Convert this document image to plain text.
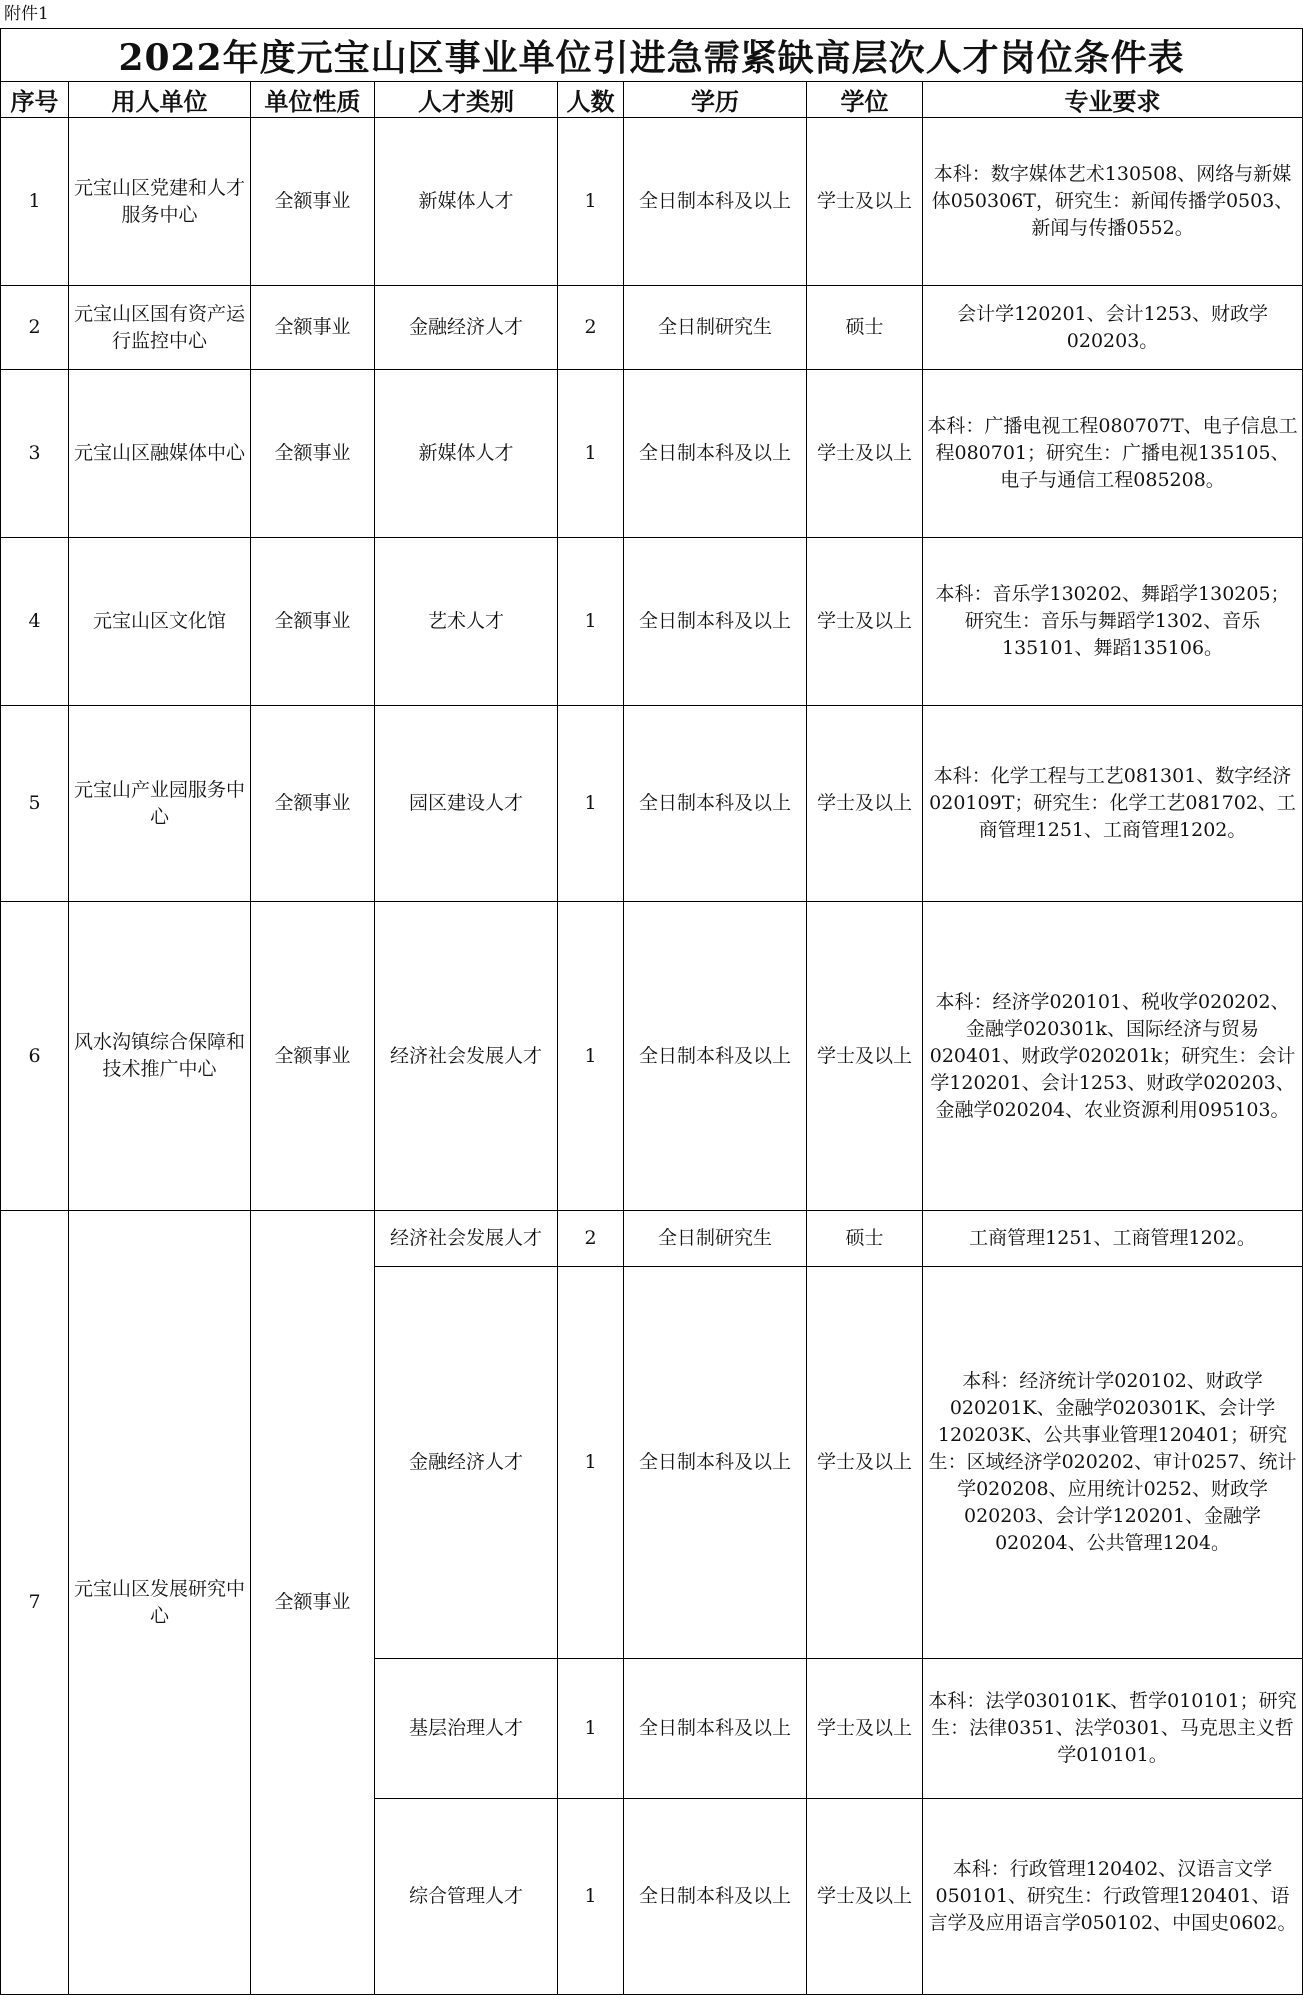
附件1
2022年度元宝山区事业单位引进急需紧缺高层次人才岗位条件表							
序号	用人单位	单位性质	人才类别	人数	学历	学位	专业要求
1	元宝山区党建和人才服务中心	全额事业	新媒体人才	1	全日制本科及以上	学士及以上	本科：数字媒体艺术130508、网络与新媒体050306T，研究生：新闻传播学0503、新闻与传播0552。
2	元宝山区国有资产运行监控中心	全额事业	金融经济人才	2	全日制研究生	硕士	会计学120201、会计1253、财政学020203。
3	元宝山区融媒体中心	全额事业	新媒体人才	1	全日制本科及以上	学士及以上	本科：广播电视工程080707T、电子信息工程080701；研究生：广播电视135105、电子与通信工程085208。
4	元宝山区文化馆	全额事业	艺术人才	1	全日制本科及以上	学士及以上	本科：音乐学130202、舞蹈学130205；研究生：音乐与舞蹈学1302、音乐135101、舞蹈135106。
5	元宝山产业园服务中心	全额事业	园区建设人才	1	全日制本科及以上	学士及以上	本科：化学工程与工艺081301、数字经济020109T；研究生：化学工艺081702、工商管理1251、工商管理1202。
6	风水沟镇综合保障和技术推广中心	全额事业	经济社会发展人才	1	全日制本科及以上	学士及以上	本科：经济学020101、税收学020202、金融学020301k、国际经济与贸易020401、财政学020201k；研究生：会计学120201、会计1253、财政学020203、金融学020204、农业资源利用095103。
7	元宝山区发展研究中心	全额事业	经济社会发展人才	2	全日制研究生	硕士	工商管理1251、工商管理1202。
			金融经济人才	1	全日制本科及以上	学士及以上	本科：经济统计学020102、财政学020201K、金融学020301K、会计学120203K、公共事业管理120401；研究生：区域经济学020202、审计0257、统计学020208、应用统计0252、财政学020203、会计学120201、金融学020204、公共管理1204。
			基层治理人才	1	全日制本科及以上	学士及以上	本科：法学030101K、哲学010101；研究生：法律0351、法学0301、马克思主义哲学010101。
			综合管理人才	1	全日制本科及以上	学士及以上	本科：行政管理120402、汉语言文学050101、研究生：行政管理120401、语言学及应用语言学050102、中国史0602。
